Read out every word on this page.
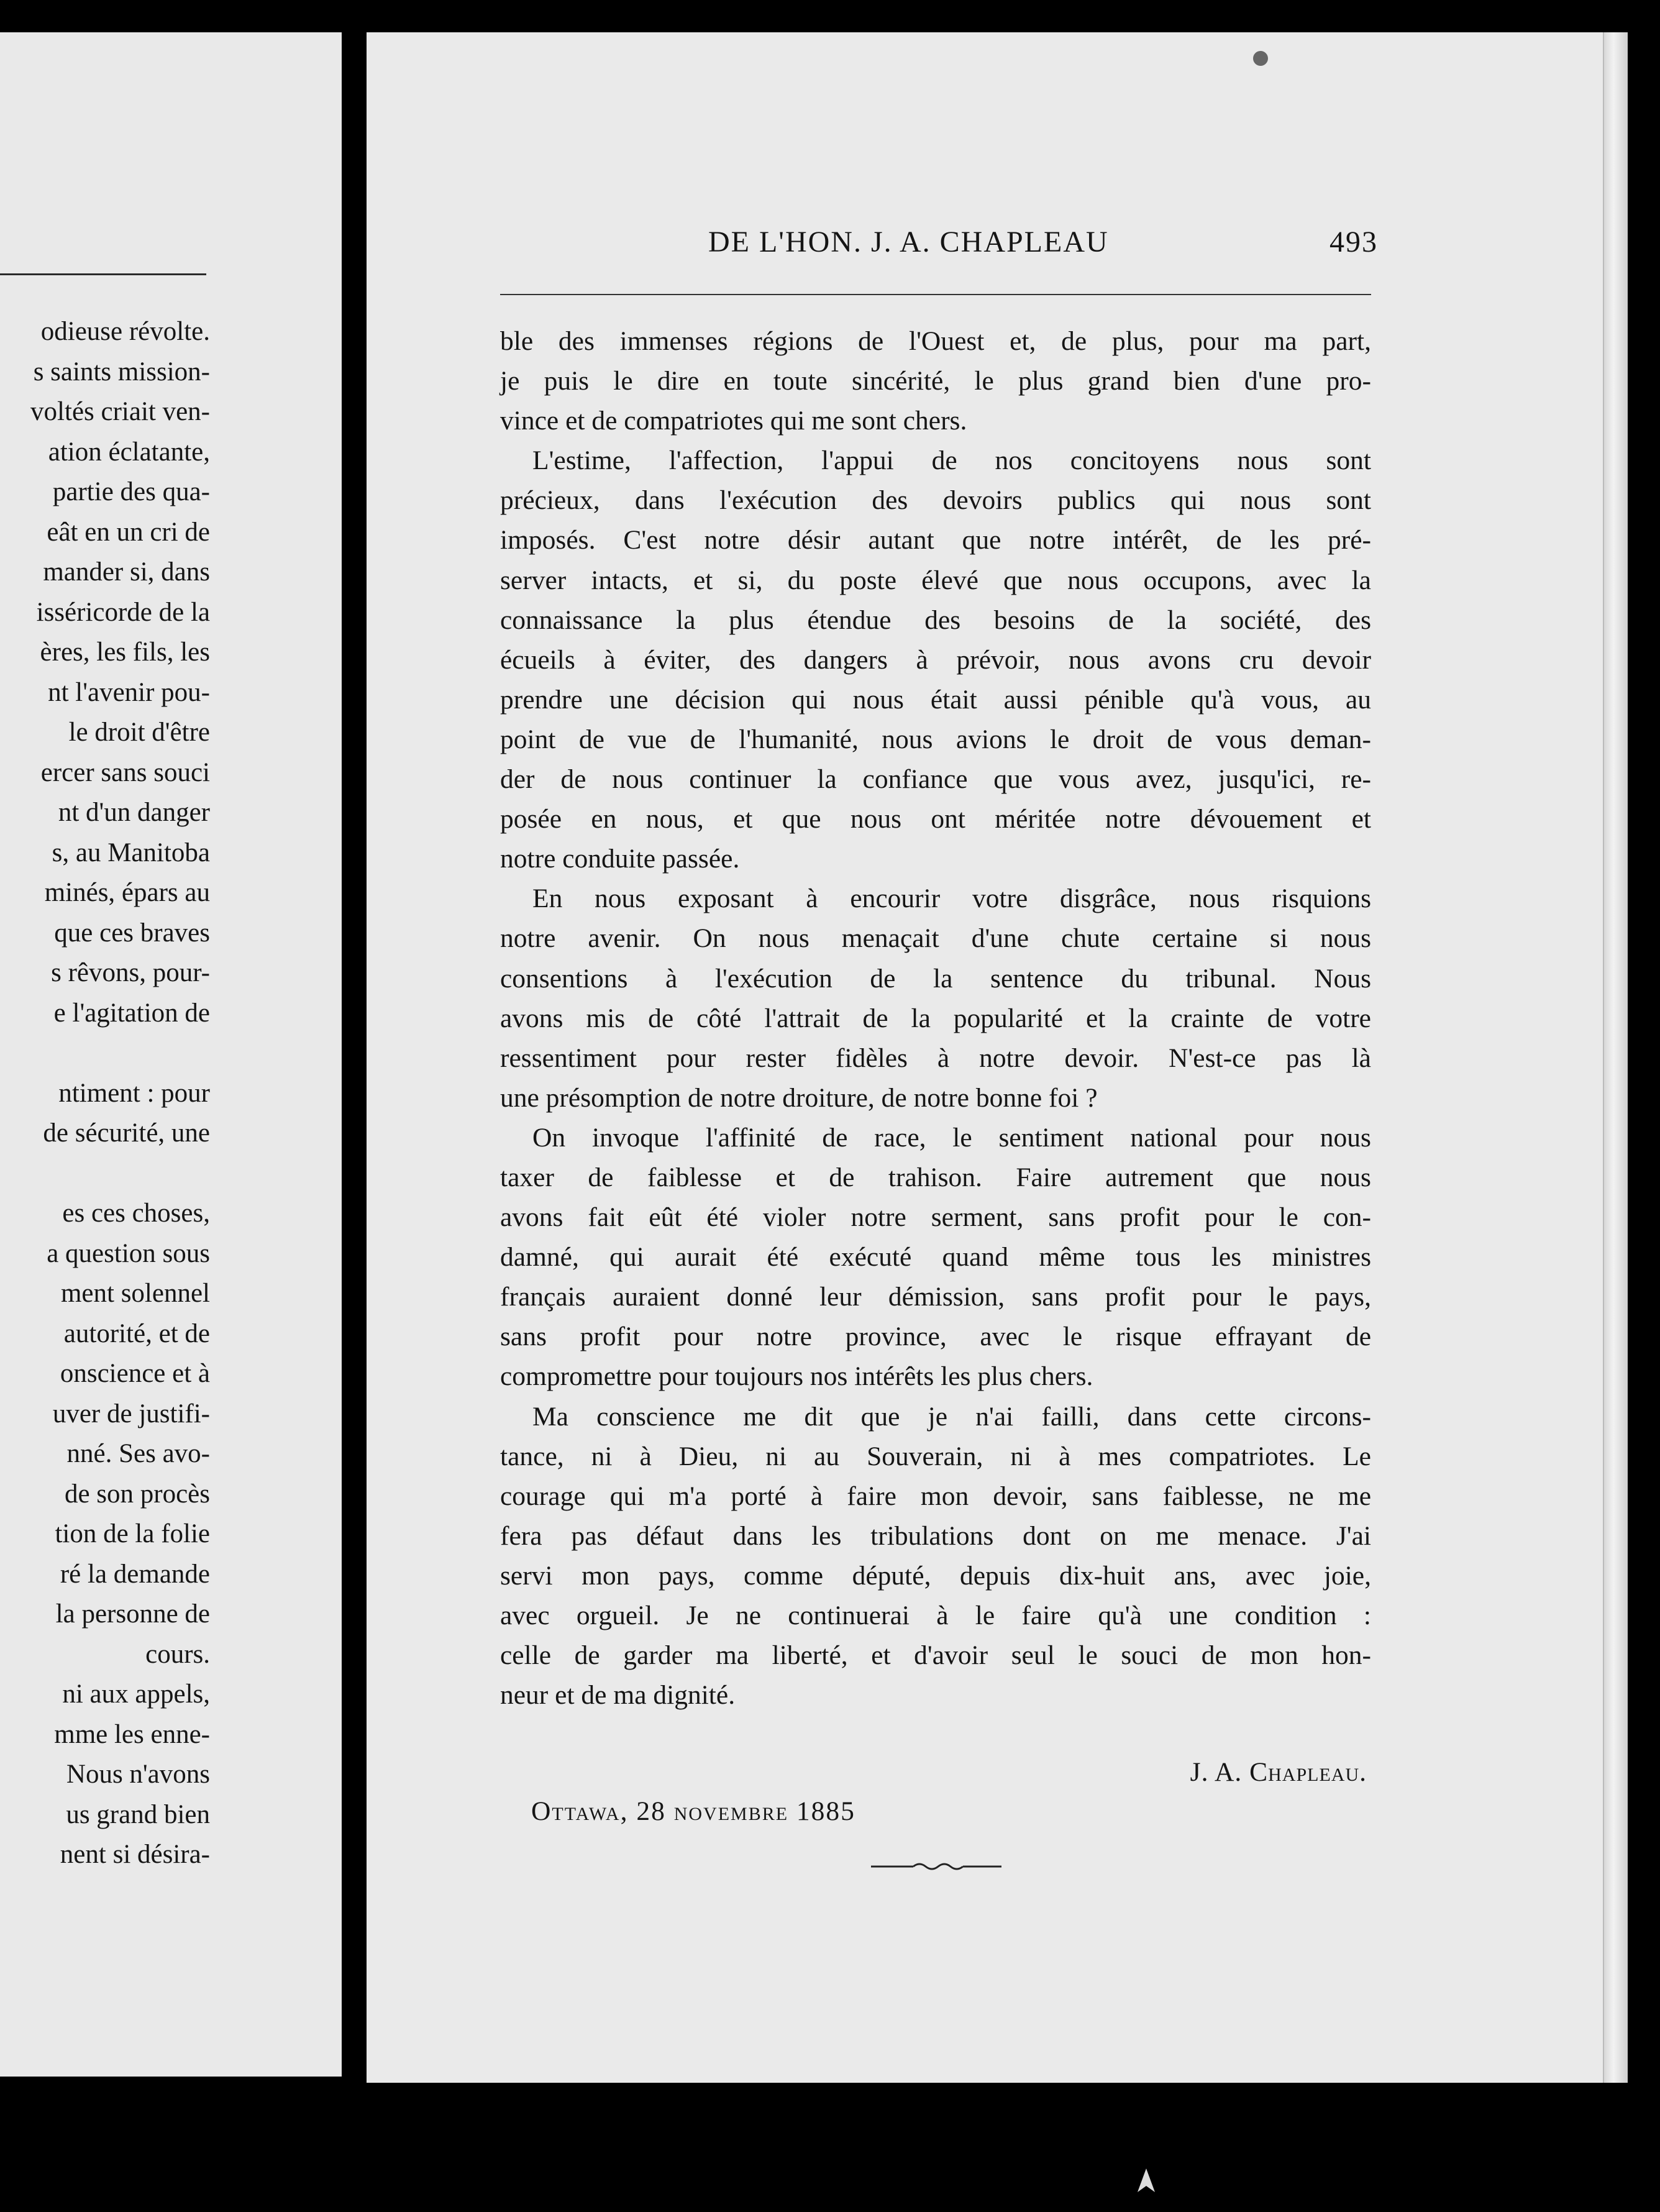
odieuse révolte.
s saints mission-
voltés criait ven-
ation éclatante,
partie des qua-
eât en un cri de
mander si, dans
isséricorde de la
ères, les fils, les
nt l'avenir pou-
le droit d'être
ercer sans souci
nt d'un danger
s, au Manitoba
minés, épars au
que ces braves
s rêvons, pour-
e l'agitation de
ntiment : pour
de sécurité, une
es ces choses,
a question sous
ment solennel
autorité, et de
onscience et à
uver de justifi-
nné. Ses avo-
de son procès
tion de la folie
ré la demande
la personne de
cours.
ni aux appels,
mme les enne-
Nous n'avons
us grand bien
nent si désira-
DE L'HON. J. A. CHAPLEAU	493
ble des immenses régions de l'Ouest et, de plus, pour ma part,
je puis le dire en toute sincérité, le plus grand bien d'une pro-
vince et de compatriotes qui me sont chers.
L'estime, l'affection, l'appui de nos concitoyens nous sont
précieux, dans l'exécution des devoirs publics qui nous sont
imposés. C'est notre désir autant que notre intérêt, de les pré-
server intacts, et si, du poste élevé que nous occupons, avec la
connaissance la plus étendue des besoins de la société, des
écueils à éviter, des dangers à prévoir, nous avons cru devoir
prendre une décision qui nous était aussi pénible qu'à vous, au
point de vue de l'humanité, nous avions le droit de vous deman-
der de nous continuer la confiance que vous avez, jusqu'ici, re-
posée en nous, et que nous ont méritée notre dévouement et
notre conduite passée.
En nous exposant à encourir votre disgrâce, nous risquions
notre avenir. On nous menaçait d'une chute certaine si nous
consentions à l'exécution de la sentence du tribunal. Nous
avons mis de côté l'attrait de la popularité et la crainte de votre
ressentiment pour rester fidèles à notre devoir. N'est-ce pas là
une présomption de notre droiture, de notre bonne foi ?
On invoque l'affinité de race, le sentiment national pour nous
taxer de faiblesse et de trahison. Faire autrement que nous
avons fait eût été violer notre serment, sans profit pour le con-
damné, qui aurait été exécuté quand même tous les ministres
français auraient donné leur démission, sans profit pour le pays,
sans profit pour notre province, avec le risque effrayant de
compromettre pour toujours nos intérêts les plus chers.
Ma conscience me dit que je n'ai failli, dans cette circons-
tance, ni à Dieu, ni au Souverain, ni à mes compatriotes. Le
courage qui m'a porté à faire mon devoir, sans faiblesse, ne me
fera pas défaut dans les tribulations dont on me menace. J'ai
servi mon pays, comme député, depuis dix-huit ans, avec joie,
avec orgueil. Je ne continuerai à le faire qu'à une condition :
celle de garder ma liberté, et d'avoir seul le souci de mon hon-
neur et de ma dignité.
J. A. Chapleau.
Ottawa, 28 novembre 1885
